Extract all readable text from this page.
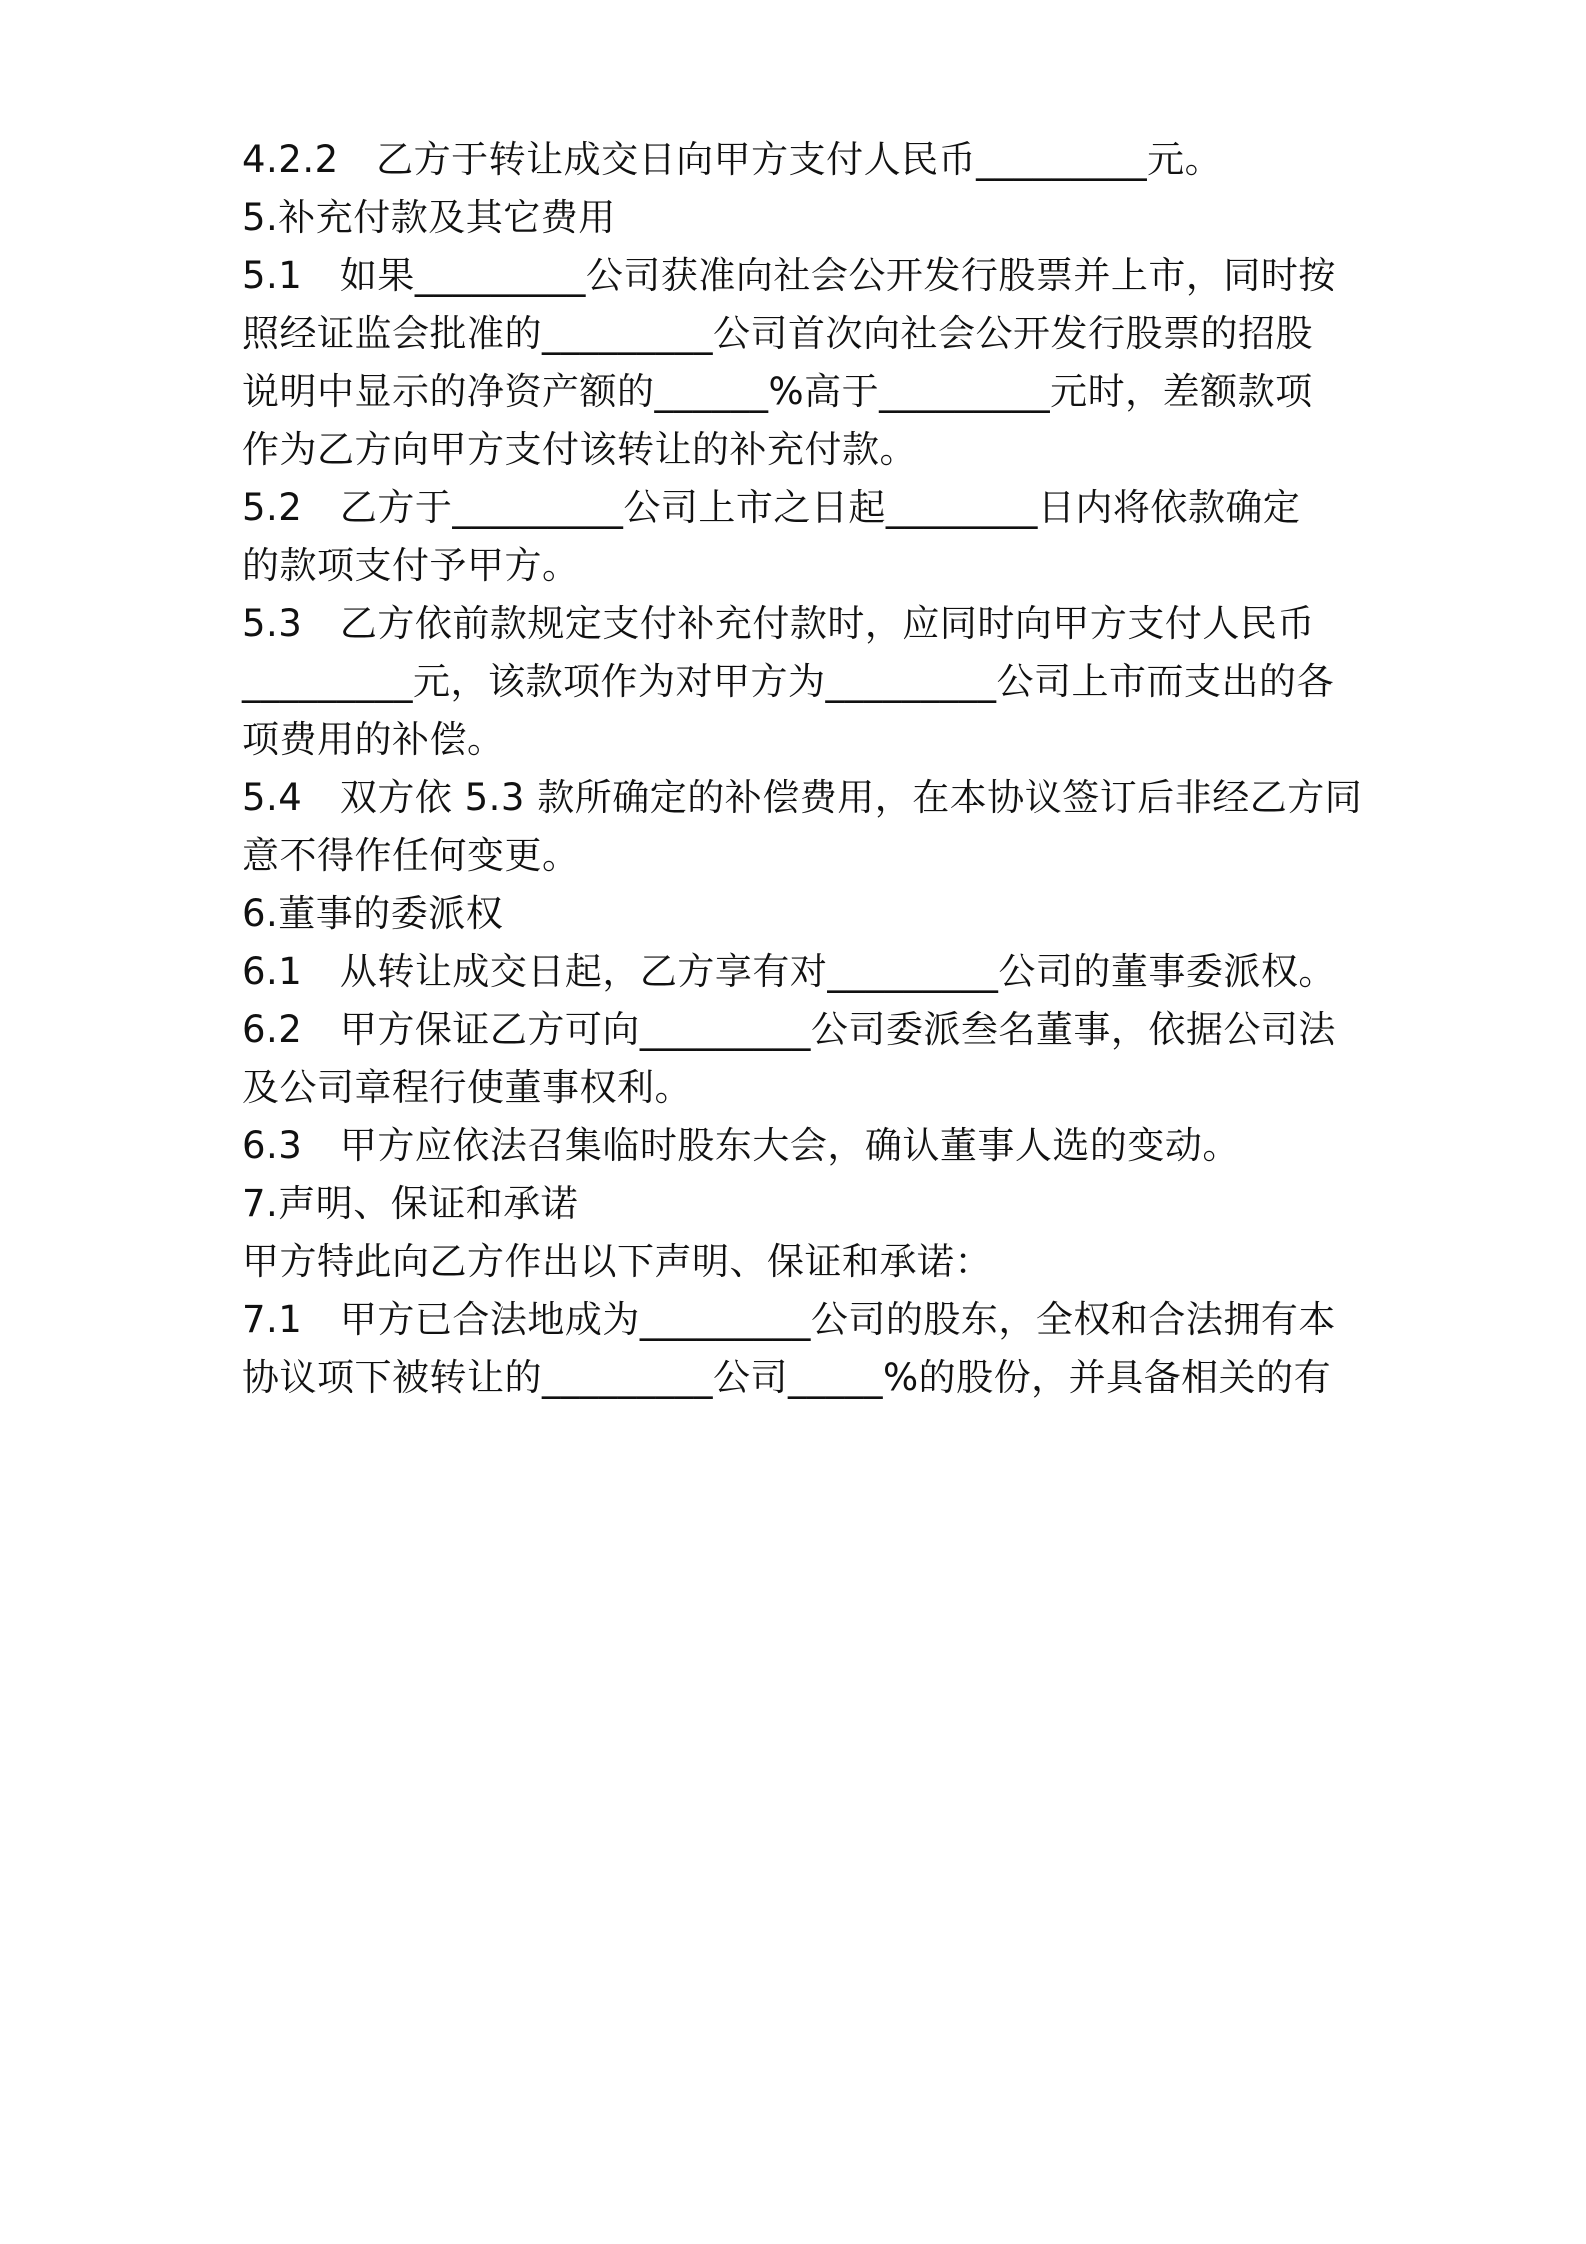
4.2.2　乙方于转让成交日向甲方支付人民币_________元。
5.补充付款及其它费用
5.1　如果_________公司获准向社会公开发行股票并上市，同时按
照经证监会批准的_________公司首次向社会公开发行股票的招股
说明中显示的净资产额的______%高于_________元时，差额款项
作为乙方向甲方支付该转让的补充付款。
5.2　乙方于_________公司上市之日起________日内将依款确定
的款项支付予甲方。
5.3　乙方依前款规定支付补充付款时，应同时向甲方支付人民币
_________元，该款项作为对甲方为_________公司上市而支出的各
项费用的补偿。
5.4　双方依 5.3 款所确定的补偿费用，在本协议签订后非经乙方同
意不得作任何变更。
6.董事的委派权
6.1　从转让成交日起，乙方享有对_________公司的董事委派权。
6.2　甲方保证乙方可向_________公司委派叁名董事，依据公司法
及公司章程行使董事权利。
6.3　甲方应依法召集临时股东大会，确认董事人选的变动。
7.声明、保证和承诺
甲方特此向乙方作出以下声明、保证和承诺：
7.1　甲方已合法地成为_________公司的股东，全权和合法拥有本
协议项下被转让的_________公司_____%的股份，并具备相关的有
